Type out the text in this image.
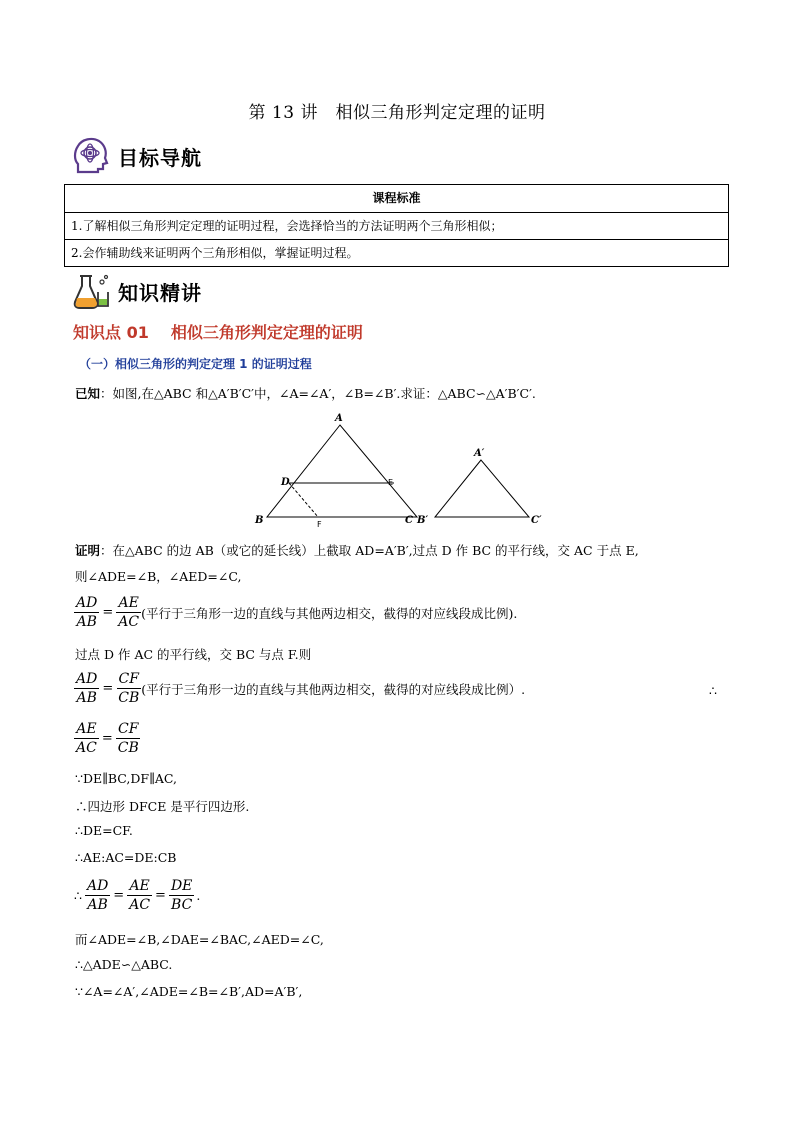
第 13 讲　相似三角形判定定理的证明
目标导航
课程标准
1.了解相似三角形判定定理的证明过程，会选择恰当的方法证明两个三角形相似；
2.会作辅助线来证明两个三角形相似，掌握证明过程。
知识精讲
知识点 01 相似三角形判定定理的证明
（一）相似三角形的判定定理 1 的证明过程
已知：如图,在△ABC 和△A′B′C′中，∠A=∠A′，∠B=∠B′.求证：△ABC∽△A′B′C′.
A
B	C
D
A′
B′	C′
E
F
证明：在△ABC 的边 AB（或它的延长线）上截取 AD=A′B′,过点 D 作 BC 的平行线，交 AC 于点 E,
则∠ADE=∠B，∠AED=∠C,
$\frac{AD}{AB} = \frac{AE}{AC}$ (平行于三角形一边的直线与其他两边相交，截得的对应线段成比例).
过点 D 作 AC 的平行线，交 BC 与点 F.则
$\frac{AD}{AB} = \frac{CF}{CB}$ (平行于三角形一边的直线与其他两边相交，截得的对应线段成比例）.	∴
$\frac{AE}{AC} = \frac{CF}{CB}$
∵DE∥BC,DF∥AC,
∴四边形 DFCE 是平行四边形.
∴DE=CF.
∴AE:AC=DE:CB
∴ $\frac{AD}{AB} = \frac{AE}{AC} = \frac{DE}{BC}$ .
而∠ADE=∠B,∠DAE=∠BAC,∠AED=∠C,
∴△ADE∽△ABC.
∵∠A=∠A′,∠ADE=∠B=∠B′,AD=A′B′,
